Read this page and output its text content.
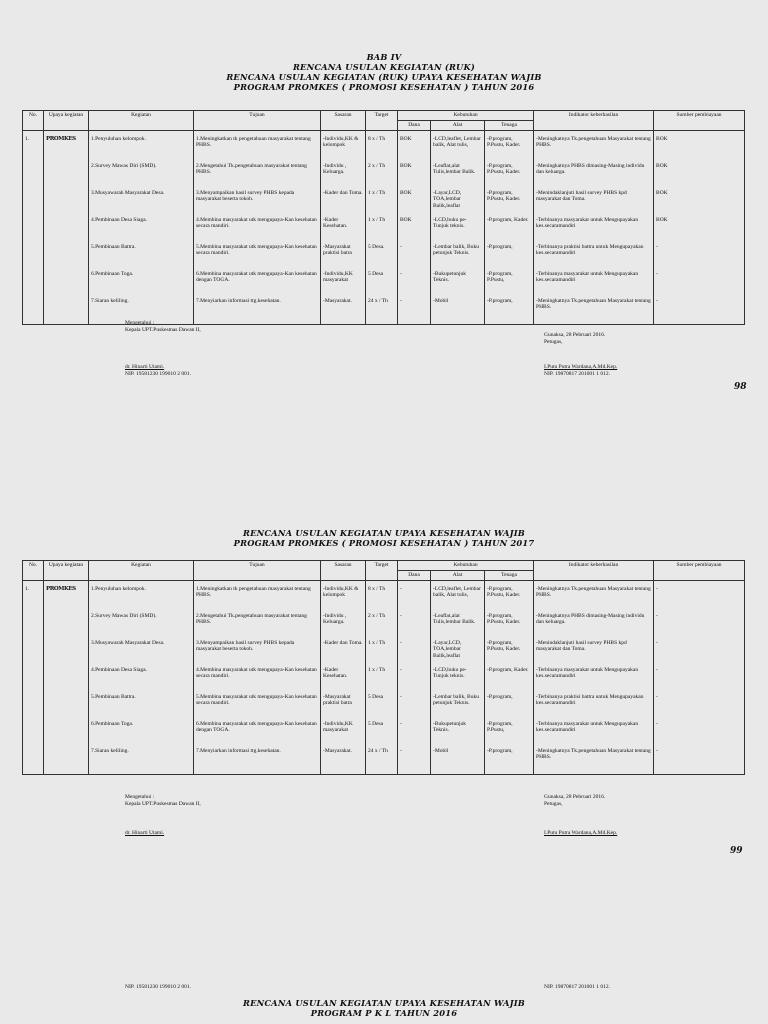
BAB IV
RENCANA USULAN KEGIATAN (RUK)
RENCANA USULAN KEGIATAN (RUK) UPAYA KESEHATAN WAJIB
PROGRAM PROMKES ( PROMOSI KESEHATAN ) TAHUN 2016
No.	Upaya kegiatan	Kegiatan	Tujuan	Sasaran	Target	Kebutuhan			Indikator keberhasilan	Sumber pembiayaan
						Dana	Alat	Tenaga		
1.	PROMKES	1.Penyuluhan kelompok.	1.Meningkatkan tk pengetahuan masyarakat tentang PHBS.	-Individu,KK & kelompok	8 x / Th	BOK	-LCD,leaflet, Lembar balik, Alat tulis,	-P.program, P.Pustu, Kader.	-Meningkatnya Tk.pengetahuan Masyarakat tentang PHBS.	BOK
		2.Survey Mawas Diri (SMD).	2.Mengetahui Tk.pengetahuan masyarakat tentang PHBS.	-Individu , Keluarga.	2 x / Th	BOK	-Leaflat,alat Tulis,lembar Balik.	-P.program, P.Pustu, Kader.	-Meningkatnya PHBS dimasing-Masing individu dan keluarga.	BOK
		3.Musyawarah Masyarakat Desa.	3.Menyampaikan hasil survey PHBS kepada masyarakat beserta tokoh.	-Kader dan Toma.	1 x / Th	BOK	-Layar,LCD, TOA,lembar Balik,leaflat	-P.program, P.Pustu, Kader.	-Menindaklanjuti hasil survey PHBS kpd masyarakat dan Toma.	BOK
		4.Pembinaan Desa Siaga.	4.Membina masyarakat utk mengupaya-Kan kesehatan secara mandiri.	-Kader Kesehatan.	1 x / Th	BOK	-LCD,buku pe-Tunjuk teknis.	-P.program, Kader.	-Terbinanya masyarakat untuk Mengupayakan kes.secaramandiri	BOK
		5.Pembinaan Battra.	5.Membina masyarakat utk mengupaya-Kan kesehatan secara mandiri.	-Masyarakat praktisi batra	5 Desa.	-	-Lembar balik, Buku petunjuk Teknis.	-P.program,	-Terbinanya praktisi battra untuk Mengupayakan kes.secaramandiri	-
		6.Pembinaan Toga.	6.Membina masyarakat utk mengupaya-Kan kesehatan dengan TOGA.	-Individu,KK masyarakat	5 Desa	-	-Bukupetunjuk Teknis.	-P.program, P.Pustu,	-Terbinanya masyarakat untuk Mengupayakan kes.secaramandiri	-
		7.Siaran keliling.	7.Menyiarkan informasi ttg.kesehatan.	-Masyarakat.	24 x / Th	-	-Mobil	-P.program,	-Meningkatnya Tk.pengetahuan Masyarakat tentang PHBS.	-
Mengetahui :
Kepala UPT.Puskesmas Dawan II,
dr. Hinarti Utami.
NIP. 19581230 199010 2 001.
Gunaksa, 28 Pebruari 2016.
Petugas,
I.Putu Putra Wardana,A.Md.Kep.
NIP. 19870817 201001 1 012.
98
RENCANA USULAN KEGIATAN UPAYA KESEHATAN WAJIB
PROGRAM PROMKES ( PROMOSI KESEHATAN ) TAHUN 2017
No.	Upaya kegiatan	Kegiatan	Tujuan	Sasaran	Target	Kebutuhan			Indikator keberhasilan	Sumber pembiayaan
						Dana	Alat	Tenaga		
1.	PROMKES	1.Penyuluhan kelompok.	1.Meningkatkan tk pengetahuan masyarakat tentang PHBS.	-Individu,KK & kelompok	8 x / Th	-	-LCD,leaflet, Lembar balik, Alat tulis,	-P.program, P.Pustu, Kader.	-Meningkatnya Tk.pengetahuan Masyarakat tentang PHBS.	-
		2.Survey Mawas Diri (SMD).	2.Mengetahui Tk.pengetahuan masyarakat tentang PHBS.	-Individu , Keluarga.	2 x / Th	-	-Leaflat,alat Tulis,lembar Balik.	-P.program, P.Pustu, Kader.	-Meningkatnya PHBS dimasing-Masing individu dan keluarga.	-
		3.Musyawarah Masyarakat Desa.	3.Menyampaikan hasil survey PHBS kepada masyarakat beserta tokoh.	-Kader dan Toma.	1 x / Th	-	-Layar,LCD, TOA,lembar Balik,leaflat	-P.program, P.Pustu, Kader.	-Menindaklanjuti hasil survey PHBS kpd masyarakat dan Toma.	-
		4.Pembinaan Desa Siaga.	4.Membina masyarakat utk mengupaya-Kan kesehatan secara mandiri.	-Kader Kesehatan.	1 x / Th	-	-LCD,buku pe-Tunjuk teknis.	-P.program, Kader.	-Terbinanya masyarakat untuk Mengupayakan kes.secaramandiri	-
		5.Pembinaan Battra.	5.Membina masyarakat utk mengupaya-Kan kesehatan secara mandiri.	-Masyarakat praktisi batra	5 Desa	-	-Lembar balik, Buku petunjuk Teknis.	-P.program,	-Terbinanya praktisi battra untuk Mengupayakan kes.secaramandiri	-
		6.Pembinaan Toga.	6.Membina masyarakat utk mengupaya-Kan kesehatan dengan TOGA.	-Individu,KK masyarakat	5 Desa	-	-Bukupetunjuk Teknis.	-P.program, P.Pustu,	-Terbinanya masyarakat untuk Mengupayakan kes.secaramandiri	-
		7.Siaran keliling.	7.Menyiarkan informasi ttg.kesehatan.	-Masyarakat.	24 x / Th	-	-Mobil	-P.program,	-Meningkatnya Tk.pengetahuan Masyarakat tentang PHBS.	-
Mengetahui :
Kepala UPT.Puskesmas Dawan II,
dr. Hinarti Utami.
Gunaksa, 28 Pebruari 2016.
Petugas,
I.Putu Putra Wardana,A.Md.Kep.
99
NIP. 19581230 199010 2 001.	NIP. 19870817 201001 1 012.
RENCANA USULAN KEGIATAN UPAYA KESEHATAN WAJIB
PROGRAM P K L TAHUN 2016
